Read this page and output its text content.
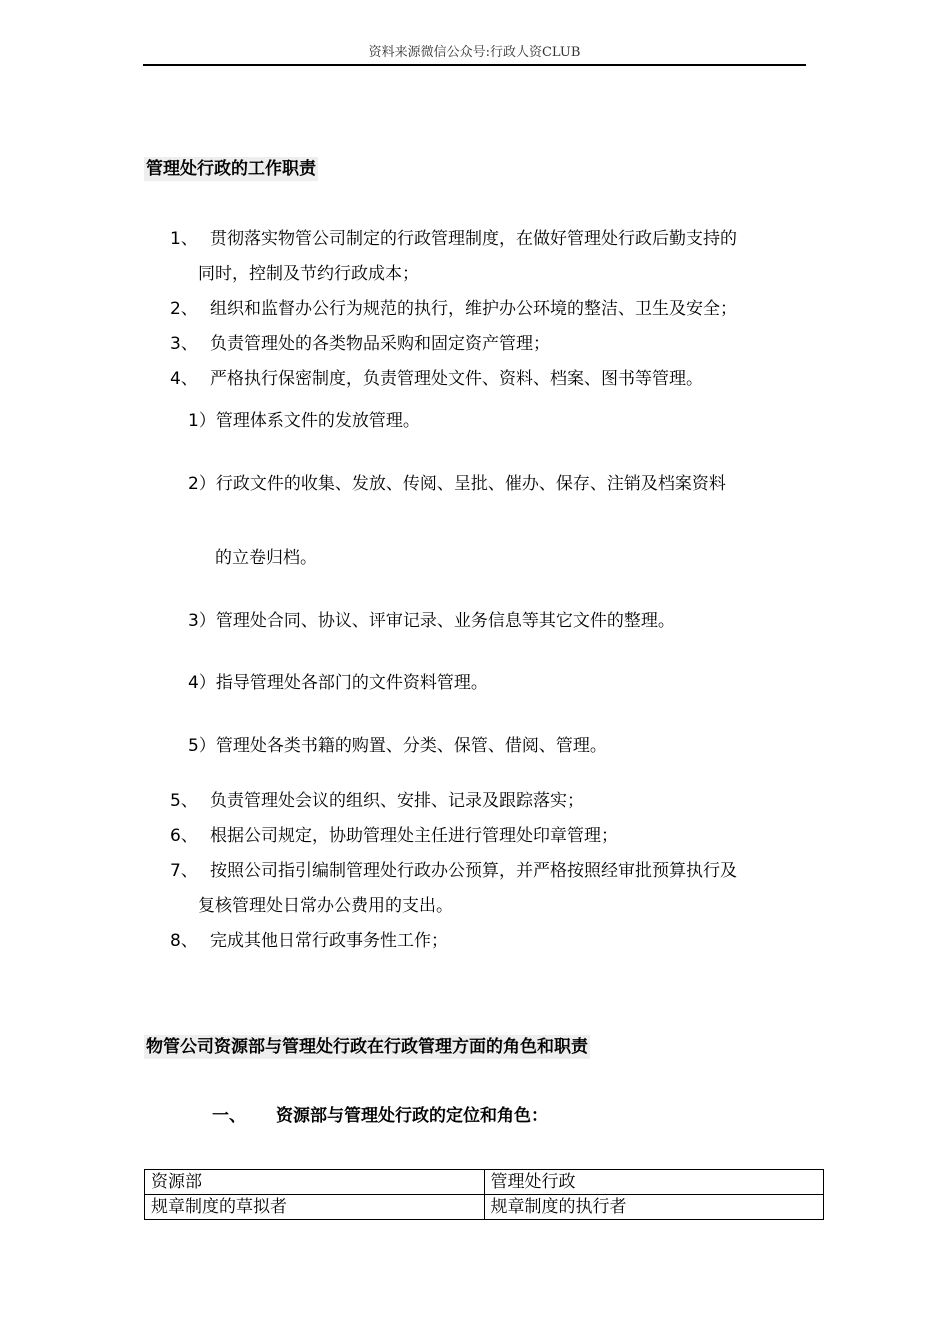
资料来源微信公众号:行政人资CLUB
管理处行政的工作职责
1、 贯彻落实物管公司制定的行政管理制度，在做好管理处行政后勤支持的
同时，控制及节约行政成本；
2、 组织和监督办公行为规范的执行，维护办公环境的整洁、卫生及安全；
3、 负责管理处的各类物品采购和固定资产管理；
4、 严格执行保密制度，负责管理处文件、资料、档案、图书等管理。
1）管理体系文件的发放管理。
2）行政文件的收集、发放、传阅、呈批、催办、保存、注销及档案资料
的立卷归档。
3）管理处合同、协议、评审记录、业务信息等其它文件的整理。
4）指导管理处各部门的文件资料管理。
5）管理处各类书籍的购置、分类、保管、借阅、管理。
5、 负责管理处会议的组织、安排、记录及跟踪落实；
6、 根据公司规定，协助管理处主任进行管理处印章管理；
7、 按照公司指引编制管理处行政办公预算，并严格按照经审批预算执行及
复核管理处日常办公费用的支出。
8、 完成其他日常行政事务性工作；
物管公司资源部与管理处行政在行政管理方面的角色和职责
一、 资源部与管理处行政的定位和角色：
资源部	管理处行政
规章制度的草拟者	规章制度的执行者
